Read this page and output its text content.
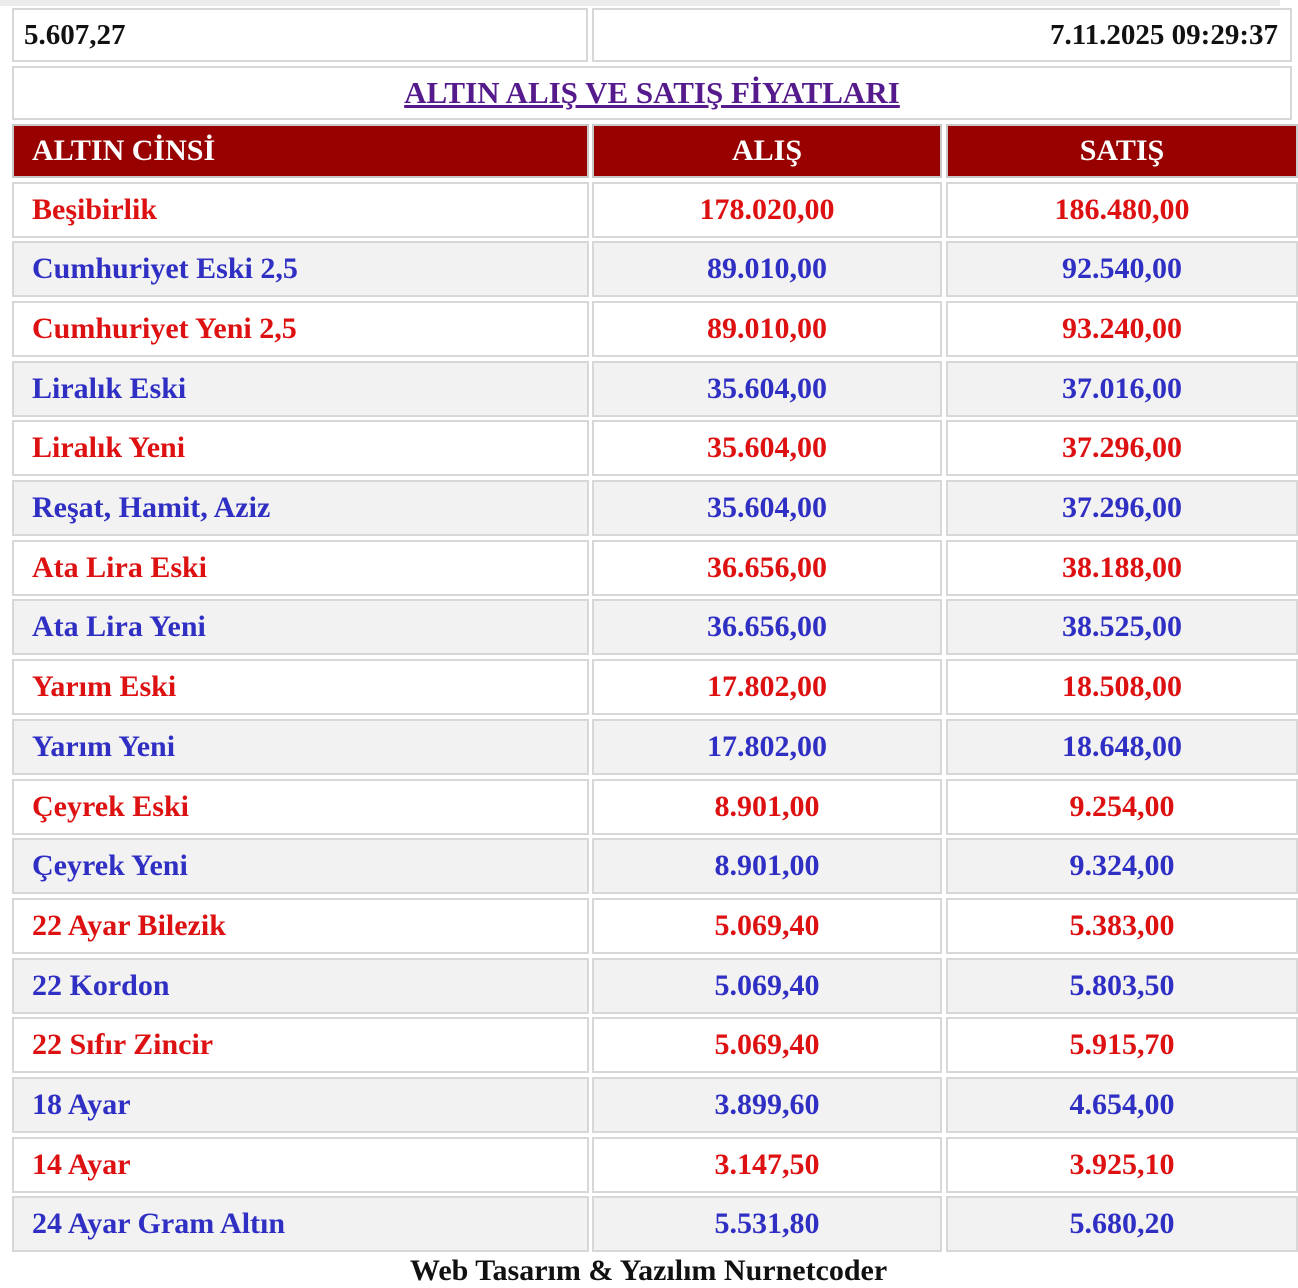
5.607,27	7.11.2025 09:29:37
ALTIN ALIŞ VE SATIŞ FİYATLARI
ALTIN CİNSİ	ALIŞ	SATIŞ
Beşibirlik	178.020,00	186.480,00
Cumhuriyet Eski 2,5	89.010,00	92.540,00
Cumhuriyet Yeni 2,5	89.010,00	93.240,00
Liralık Eski	35.604,00	37.016,00
Liralık Yeni	35.604,00	37.296,00
Reşat, Hamit, Aziz	35.604,00	37.296,00
Ata Lira Eski	36.656,00	38.188,00
Ata Lira Yeni	36.656,00	38.525,00
Yarım Eski	17.802,00	18.508,00
Yarım Yeni	17.802,00	18.648,00
Çeyrek Eski	8.901,00	9.254,00
Çeyrek Yeni	8.901,00	9.324,00
22 Ayar Bilezik	5.069,40	5.383,00
22 Kordon	5.069,40	5.803,50
22 Sıfır Zincir	5.069,40	5.915,70
18 Ayar	3.899,60	4.654,00
14 Ayar	3.147,50	3.925,10
24 Ayar Gram Altın	5.531,80	5.680,20
Web Tasarım & Yazılım Nurnetcoder
